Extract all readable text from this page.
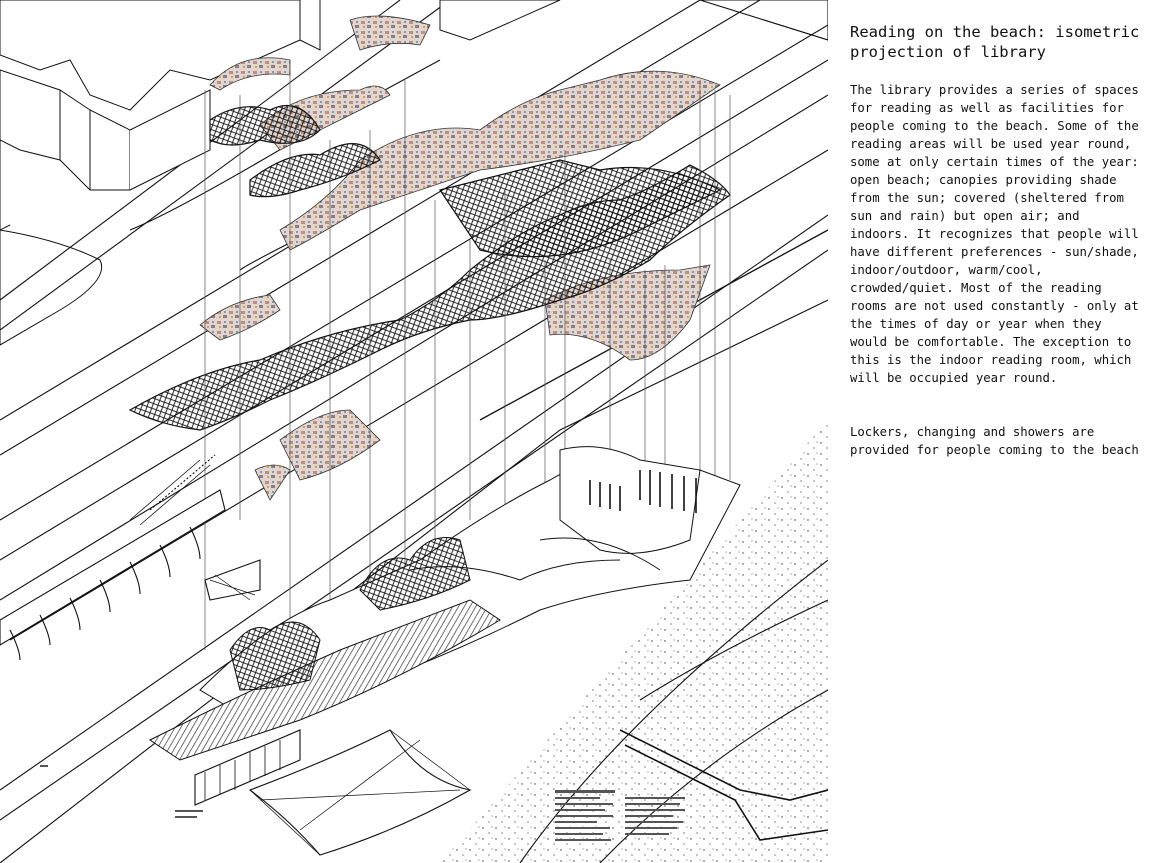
Reading on the beach: isometric projection of library

The library provides a series of spaces for reading as well as facilities for people coming to the beach. Some of the reading areas will be used year round, some at only certain times of the year: open beach; canopies providing shade from the sun; covered (sheltered from sun and rain) but open air; and indoors. It recognizes that people will have different preferences - sun/shade, indoor/outdoor, warm/cool, crowded/quiet. Most of the reading rooms are not used constantly - only at the times of day or year when they would be comfortable. The exception to this is the indoor reading room, which will be occupied year round.

Lockers, changing and showers are provided for people coming to the beach
